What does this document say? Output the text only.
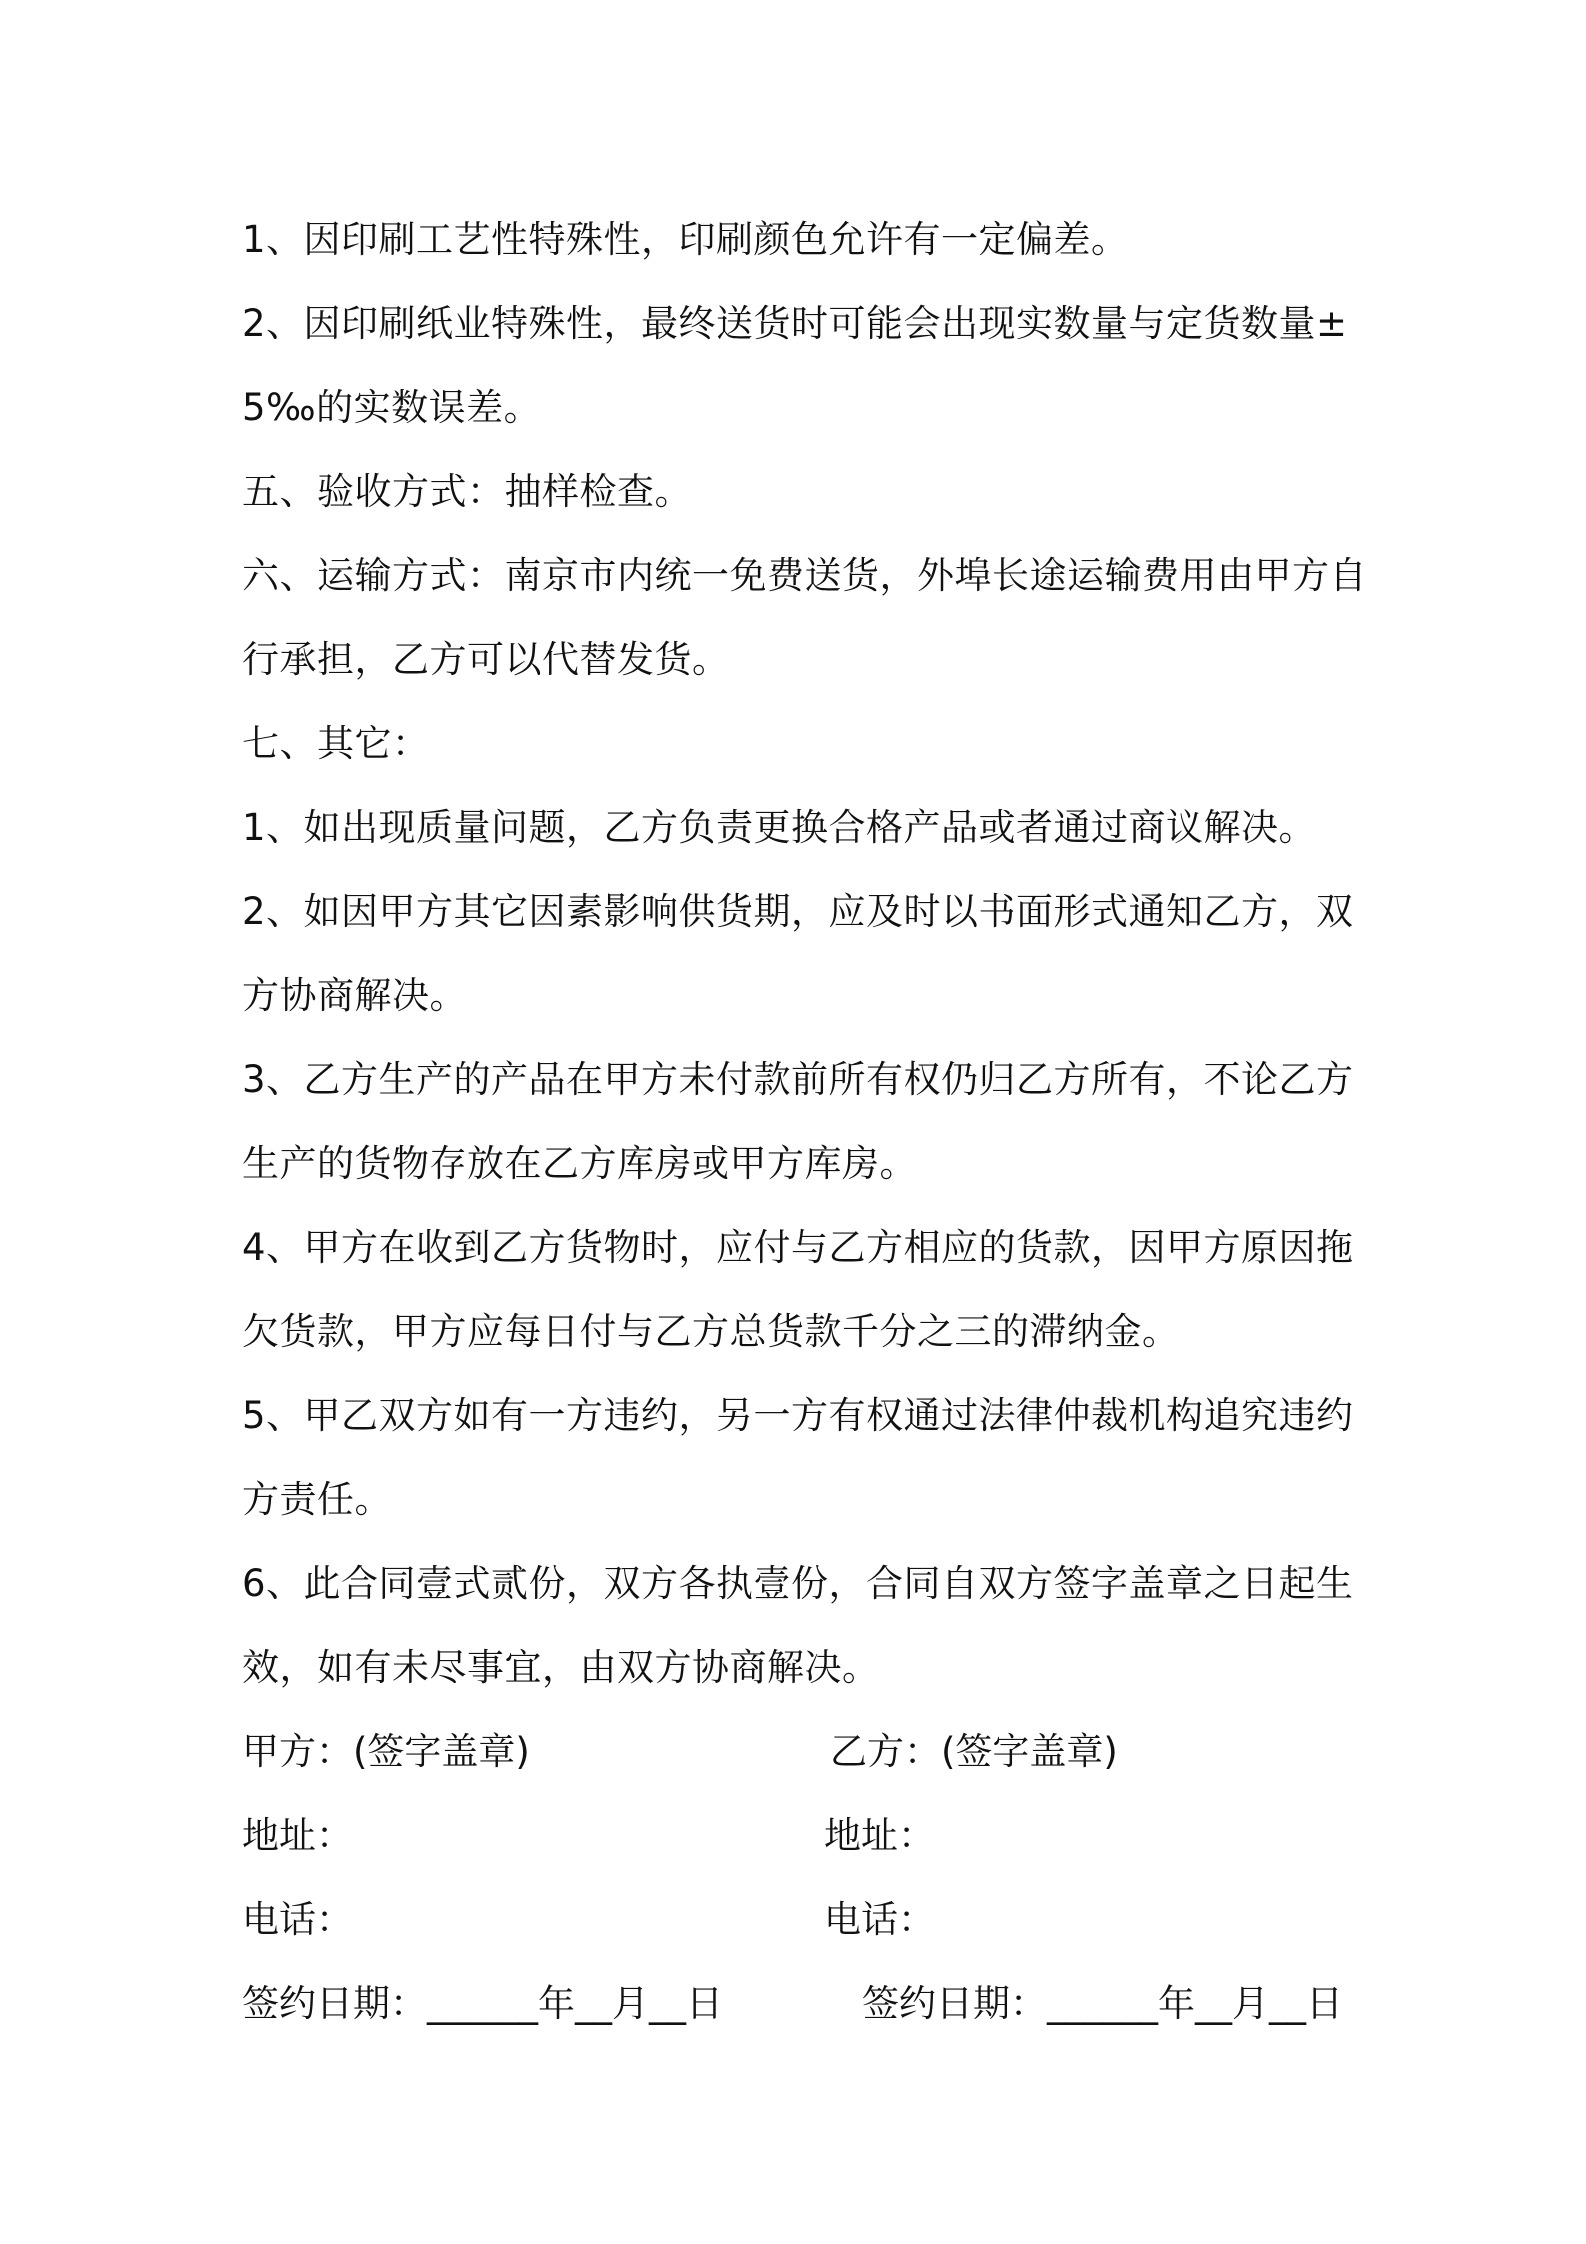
1、因印刷工艺性特殊性，印刷颜色允许有一定偏差。

2、因印刷纸业特殊性，最终送货时可能会出现实数量与定货数量±

5‰的实数误差。

五、验收方式：抽样检查。

六、运输方式：南京市内统一免费送货，外埠长途运输费用由甲方自

行承担，乙方可以代替发货。

七、其它：

1、如出现质量问题，乙方负责更换合格产品或者通过商议解决。

2、如因甲方其它因素影响供货期，应及时以书面形式通知乙方，双

方协商解决。

3、乙方生产的产品在甲方未付款前所有权仍归乙方所有，不论乙方

生产的货物存放在乙方库房或甲方库房。

4、甲方在收到乙方货物时，应付与乙方相应的货款，因甲方原因拖

欠货款，甲方应每日付与乙方总货款千分之三的滞纳金。

5、甲乙双方如有一方违约，另一方有权通过法律仲裁机构追究违约

方责任。

6、此合同壹式贰份，双方各执壹份，合同自双方签字盖章之日起生

效，如有未尽事宜，由双方协商解决。

甲方：(签字盖章)	乙方：(签字盖章)
地址：	地址：
电话：	电话：
签约日期：______年__月__日	签约日期：______年__月__日
